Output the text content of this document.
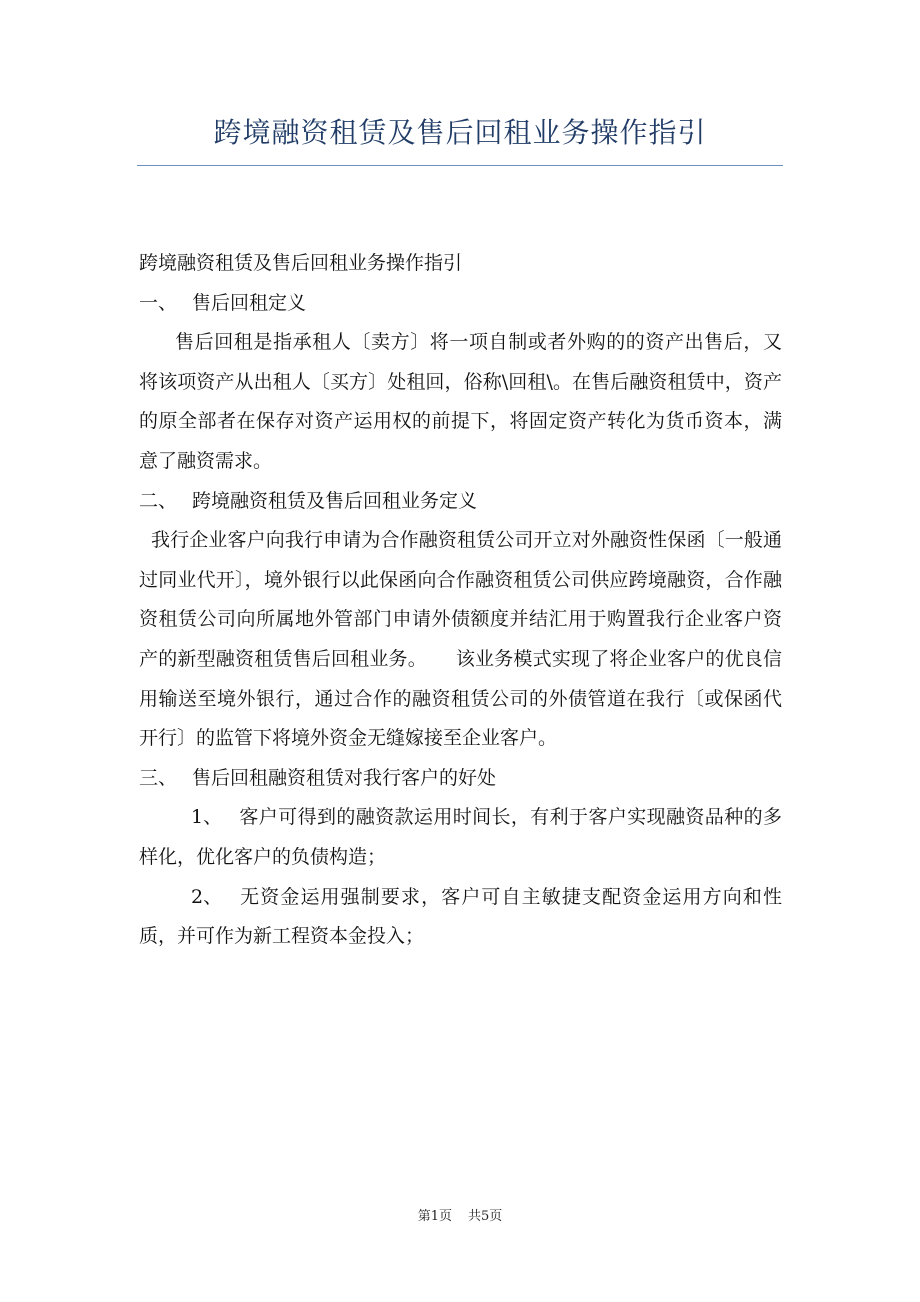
跨境融资租赁及售后回租业务操作指引

跨境融资租赁及售后回租业务操作指引

一、 售后回租定义

售后回租是指承租人〔卖方〕将一项自制或者外购的的资产出售后，又将该项资产从出租人〔买方〕处租回，俗称\回租\。在售后融资租赁中，资产的原全部者在保存对资产运用权的前提下，将固定资产转化为货币资本，满意了融资需求。

二、 跨境融资租赁及售后回租业务定义

我行企业客户向我行申请为合作融资租赁公司开立对外融资性保函〔一般通过同业代开〕，境外银行以此保函向合作融资租赁公司供应跨境融资，合作融资租赁公司向所属地外管部门申请外债额度并结汇用于购置我行企业客户资产的新型融资租赁售后回租业务。　　该业务模式实现了将企业客户的优良信用输送至境外银行，通过合作的融资租赁公司的外债管道在我行〔或保函代开行〕的监管下将境外资金无缝嫁接至企业客户。

三、 售后回租融资租赁对我行客户的好处

1、 客户可得到的融资款运用时间长，有利于客户实现融资品种的多样化，优化客户的负债构造；

2、 无资金运用强制要求，客户可自主敏捷支配资金运用方向和性质，并可作为新工程资本金投入；

第1页 共5页
